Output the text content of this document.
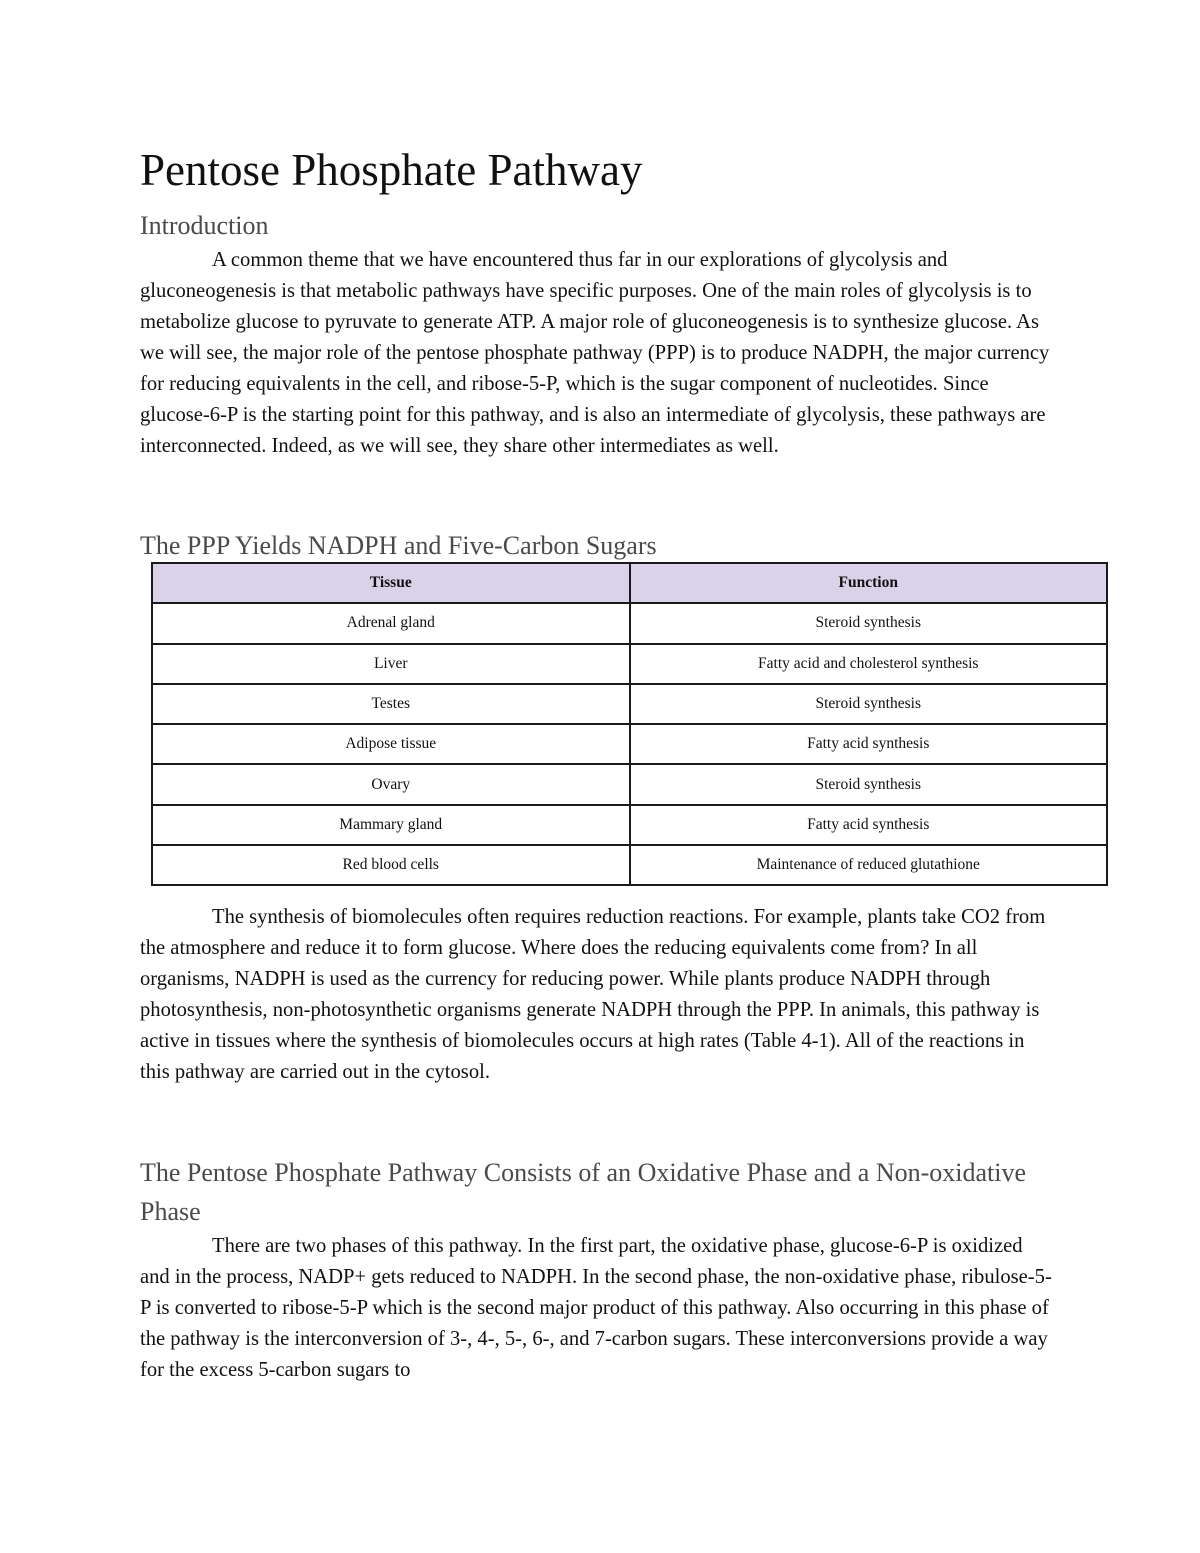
Pentose Phosphate Pathway
Introduction

A common theme that we have encountered thus far in our explorations of glycolysis and gluconeogenesis is that metabolic pathways have specific purposes. One of the main roles of glycolysis is to metabolize glucose to pyruvate to generate ATP. A major role of gluconeogenesis is to synthesize glucose. As we will see, the major role of the pentose phosphate pathway (PPP) is to produce NADPH, the major currency for reducing equivalents in the cell, and ribose-5-P, which is the sugar component of nucleotides. Since glucose-6-P is the starting point for this pathway, and is also an intermediate of glycolysis, these pathways are interconnected. Indeed, as we will see, they share other intermediates as well.

The PPP Yields NADPH and Five-Carbon Sugars

The synthesis of biomolecules often requires reduction reactions. For example, plants take CO2 from the atmosphere and reduce it to form glucose. Where does the reducing equivalents come from? In all organisms, NADPH is used as the currency for reducing power. While plants produce NADPH through photosynthesis, non-photosynthetic organisms generate NADPH through the PPP. In animals, this pathway is active in tissues where the synthesis of biomolecules occurs at high rates (Table 4-1). All of the reactions in this pathway are carried out in the cytosol.

The Pentose Phosphate Pathway Consists of an Oxidative Phase and a Non-oxidative Phase

There are two phases of this pathway. In the first part, the oxidative phase, glucose-6-P is oxidized and in the process, NADP+ gets reduced to NADPH. In the second phase, the non-oxidative phase, ribulose-5-P is converted to ribose-5-P which is the second major product of this pathway. Also occurring in this phase of the pathway is the interconversion of 3-, 4-, 5-, 6-, and 7-carbon sugars. These interconversions provide a way for the excess 5-carbon sugars to

Tissue	Function
Adrenal gland	Steroid synthesis
Liver	Fatty acid and cholesterol synthesis
Testes	Steroid synthesis
Adipose tissue	Fatty acid synthesis
Ovary	Steroid synthesis
Mammary gland	Fatty acid synthesis
Red blood cells	Maintenance of reduced glutathione
